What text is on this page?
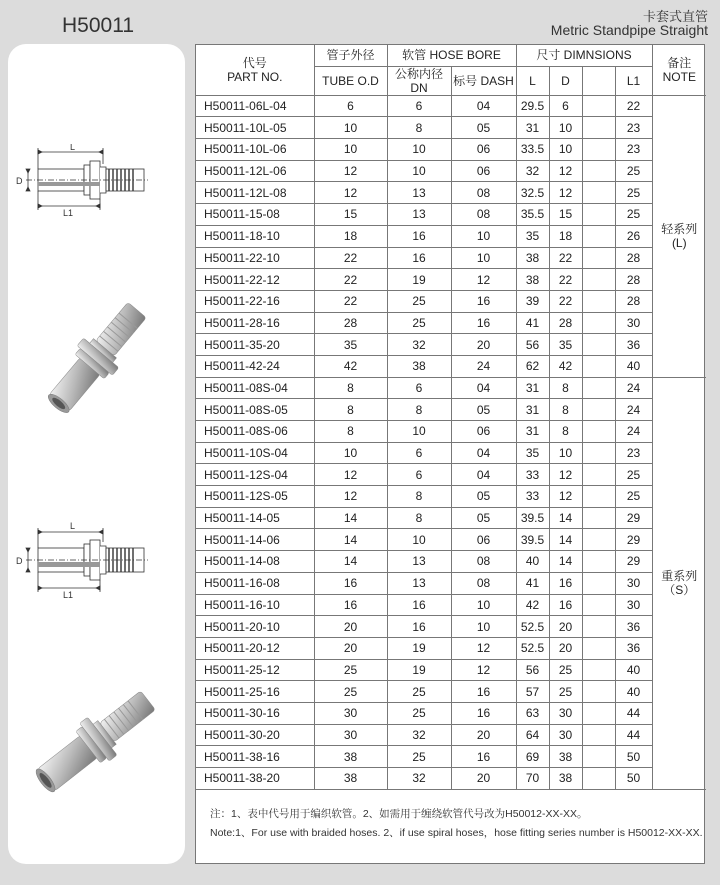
H50011	卡套式直管
Metric Standpipe Straight
L
D
L1
L
D
L1
代号
PART NO.	管子外径	软管 HOSE BORE		尺寸 DIMNSIONS				备注
NOTE
	TUBE O.D	公称内径DN	标号 DASH	L	D		L1	
H50011-06L-04	6	6	04	29.5	6		22	轻系列
(L)
H50011-10L-05	10	8	05	31	10		23	
H50011-10L-06	10	10	06	33.5	10		23	
H50011-12L-06	12	10	06	32	12		25	
H50011-12L-08	12	13	08	32.5	12		25	
H50011-15-08	15	13	08	35.5	15		25	
H50011-18-10	18	16	10	35	18		26	
H50011-22-10	22	16	10	38	22		28	
H50011-22-12	22	19	12	38	22		28	
H50011-22-16	22	25	16	39	22		28	
H50011-28-16	28	25	16	41	28		30	
H50011-35-20	35	32	20	56	35		36	
H50011-42-24	42	38	24	62	42		40	
H50011-08S-04	8	6	04	31	8		24	重系列
（S）
H50011-08S-05	8	8	05	31	8		24	
H50011-08S-06	8	10	06	31	8		24	
H50011-10S-04	10	6	04	35	10		23	
H50011-12S-04	12	6	04	33	12		25	
H50011-12S-05	12	8	05	33	12		25	
H50011-14-05	14	8	05	39.5	14		29	
H50011-14-06	14	10	06	39.5	14		29	
H50011-14-08	14	13	08	40	14		29	
H50011-16-08	16	13	08	41	16		30	
H50011-16-10	16	16	10	42	16		30	
H50011-20-10	20	16	10	52.5	20		36	
H50011-20-12	20	19	12	52.5	20		36	
H50011-25-12	25	19	12	56	25		40	
H50011-25-16	25	25	16	57	25		40	
H50011-30-16	30	25	16	63	30		44	
H50011-30-20	30	32	20	64	30		44	
H50011-38-16	38	25	16	69	38		50	
H50011-38-20	38	32	20	70	38		50	
注：1、表中代号用于编织软管。2、如需用于缠绕软管代号改为H50012-XX-XX。
Note:1、For use with braided hoses. 2、if use spiral hoses，hose fitting series number is H50012-XX-XX.
